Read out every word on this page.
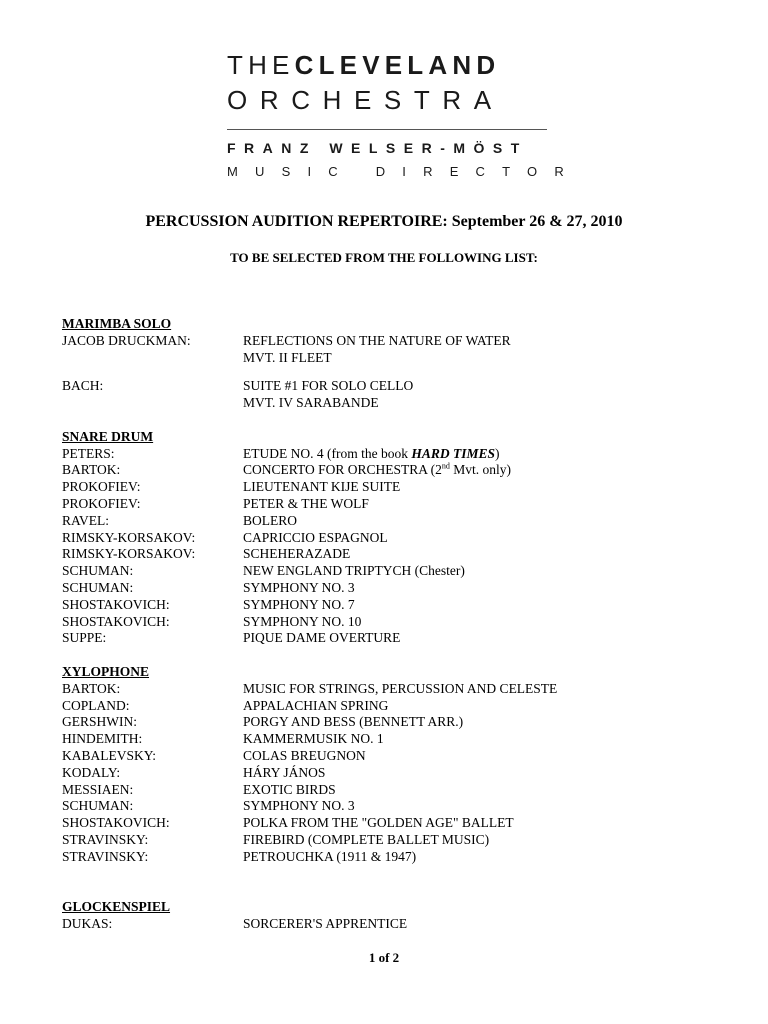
THECLEVELAND
ORCHESTRA
FRANZ WELSER-MÖST
MUSIC DIRECTOR
PERCUSSION AUDITION REPERTOIRE: September 26 & 27, 2010
TO BE SELECTED FROM THE FOLLOWING LIST:
MARIMBA SOLO
JACOB DRUCKMAN:	REFLECTIONS ON THE NATURE OF WATER
MVT. II FLEET
BACH:	SUITE #1 FOR SOLO CELLO
MVT. IV SARABANDE
SNARE DRUM
PETERS:	ETUDE NO. 4 (from the book HARD TIMES)
BARTOK:	CONCERTO FOR ORCHESTRA (2nd Mvt. only)
PROKOFIEV:	LIEUTENANT KIJE SUITE
PROKOFIEV:	PETER & THE WOLF
RAVEL:	BOLERO
RIMSKY-KORSAKOV:	CAPRICCIO ESPAGNOL
RIMSKY-KORSAKOV:	SCHEHERAZADE
SCHUMAN:	NEW ENGLAND TRIPTYCH (Chester)
SCHUMAN:	SYMPHONY NO. 3
SHOSTAKOVICH:	SYMPHONY NO. 7
SHOSTAKOVICH:	SYMPHONY NO. 10
SUPPE:	PIQUE DAME OVERTURE
XYLOPHONE
BARTOK:	MUSIC FOR STRINGS, PERCUSSION AND CELESTE
COPLAND:	APPALACHIAN SPRING
GERSHWIN:	PORGY AND BESS (BENNETT ARR.)
HINDEMITH:	KAMMERMUSIK NO. 1
KABALEVSKY:	COLAS BREUGNON
KODALY:	HÁRY JÁNOS
MESSIAEN:	EXOTIC BIRDS
SCHUMAN:	SYMPHONY NO. 3
SHOSTAKOVICH:	POLKA FROM THE "GOLDEN AGE" BALLET
STRAVINSKY:	FIREBIRD (COMPLETE BALLET MUSIC)
STRAVINSKY:	PETROUCHKA (1911 & 1947)
GLOCKENSPIEL
DUKAS:	SORCERER'S APPRENTICE
1 of 2
